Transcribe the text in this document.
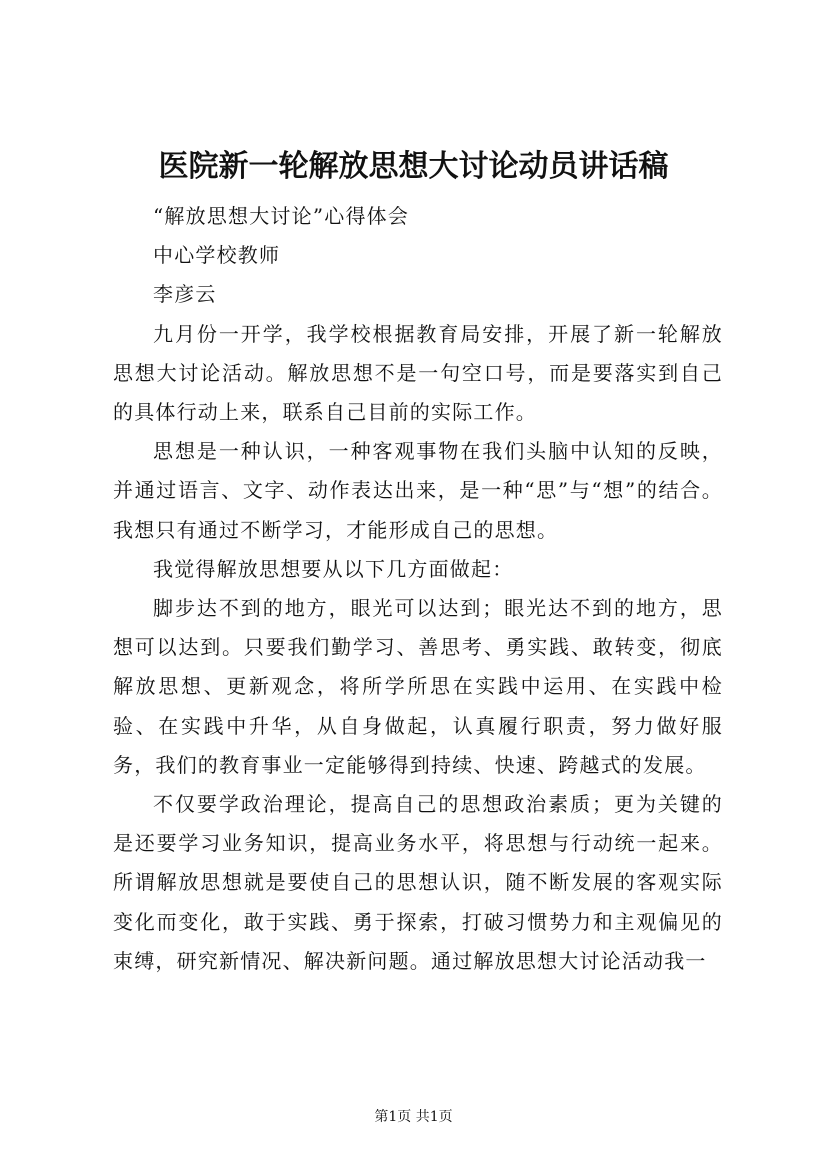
医院新一轮解放思想大讨论动员讲话稿

“解放思想大讨论”心得体会

中心学校教师

李彦云

九月份一开学，我学校根据教育局安排，开展了新一轮解放思想大讨论活动。解放思想不是一句空口号，而是要落实到自己的具体行动上来，联系自己目前的实际工作。

思想是一种认识，一种客观事物在我们头脑中认知的反映，并通过语言、文字、动作表达出来，是一种“思”与“想”的结合。我想只有通过不断学习，才能形成自己的思想。

我觉得解放思想要从以下几方面做起：

脚步达不到的地方，眼光可以达到；眼光达不到的地方，思想可以达到。只要我们勤学习、善思考、勇实践、敢转变，彻底解放思想、更新观念，将所学所思在实践中运用、在实践中检验、在实践中升华，从自身做起，认真履行职责，努力做好服务，我们的教育事业一定能够得到持续、快速、跨越式的发展。

不仅要学政治理论，提高自己的思想政治素质；更为关键的是还要学习业务知识，提高业务水平，将思想与行动统一起来。所谓解放思想就是要使自己的思想认识，随不断发展的客观实际变化而变化，敢于实践、勇于探索，打破习惯势力和主观偏见的束缚，研究新情况、解决新问题。通过解放思想大讨论活动我一

第1页 共1页
